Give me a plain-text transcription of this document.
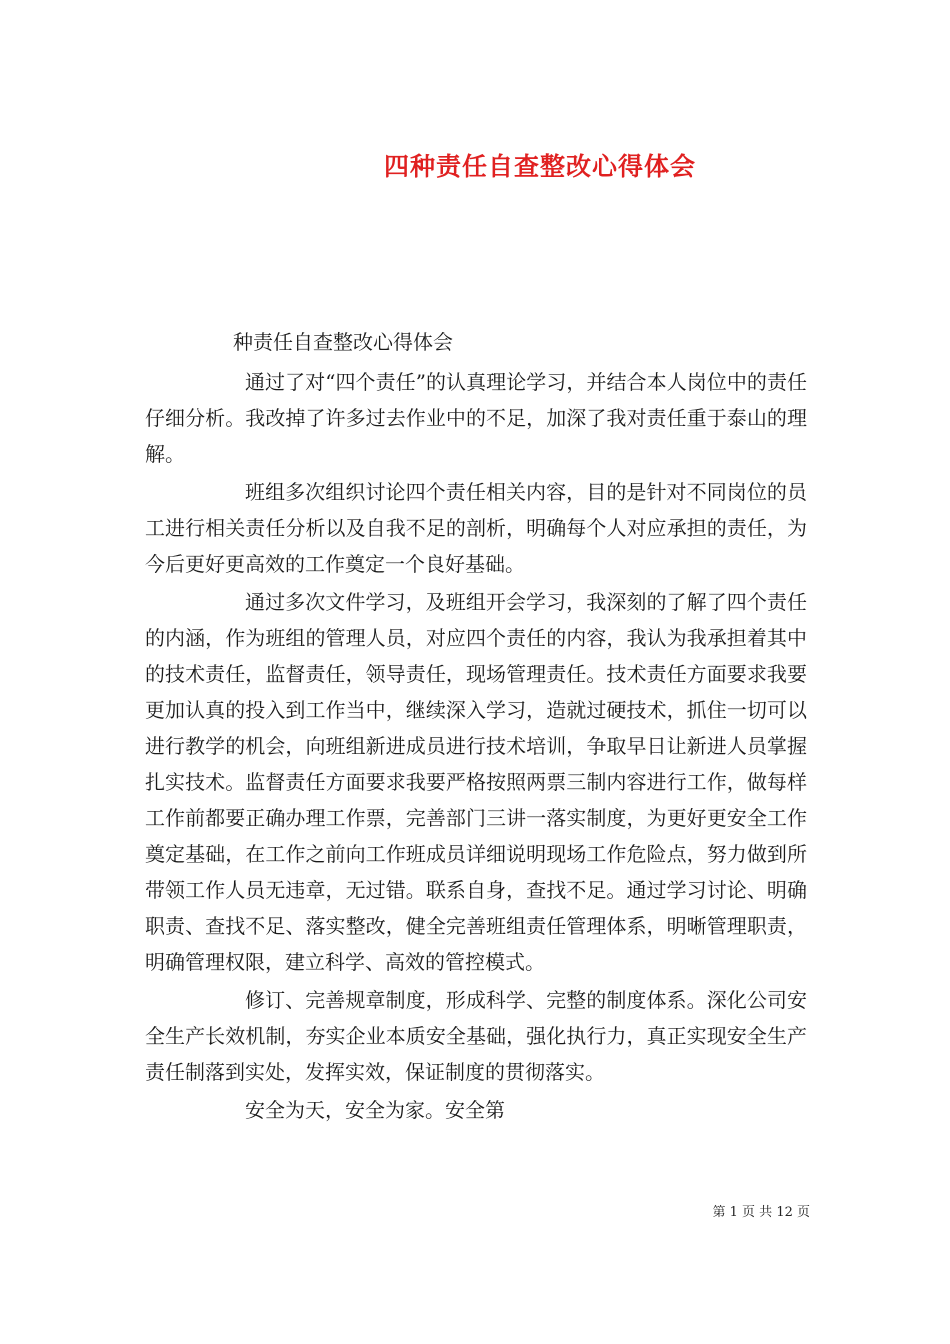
四种责任自查整改心得体会

种责任自查整改心得体会

通过了对“四个责任”的认真理论学习，并结合本人岗位中的责任仔细分析。我改掉了许多过去作业中的不足，加深了我对责任重于泰山的理解。

班组多次组织讨论四个责任相关内容，目的是针对不同岗位的员工进行相关责任分析以及自我不足的剖析，明确每个人对应承担的责任，为今后更好更高效的工作奠定一个良好基础。

通过多次文件学习，及班组开会学习，我深刻的了解了四个责任的内涵，作为班组的管理人员，对应四个责任的内容，我认为我承担着其中的技术责任，监督责任，领导责任，现场管理责任。技术责任方面要求我要更加认真的投入到工作当中，继续深入学习，造就过硬技术，抓住一切可以进行教学的机会，向班组新进成员进行技术培训，争取早日让新进人员掌握扎实技术。监督责任方面要求我要严格按照两票三制内容进行工作，做每样工作前都要正确办理工作票，完善部门三讲一落实制度，为更好更安全工作奠定基础，在工作之前向工作班成员详细说明现场工作危险点，努力做到所带领工作人员无违章，无过错。联系自身，查找不足。通过学习讨论、明确职责、查找不足、落实整改，健全完善班组责任管理体系，明晰管理职责，明确管理权限，建立科学、高效的管控模式。

修订、完善规章制度，形成科学、完整的制度体系。深化公司安全生产长效机制，夯实企业本质安全基础，强化执行力，真正实现安全生产责任制落到实处，发挥实效，保证制度的贯彻落实。

安全为天，安全为家。安全第

第 1 页 共 12 页
